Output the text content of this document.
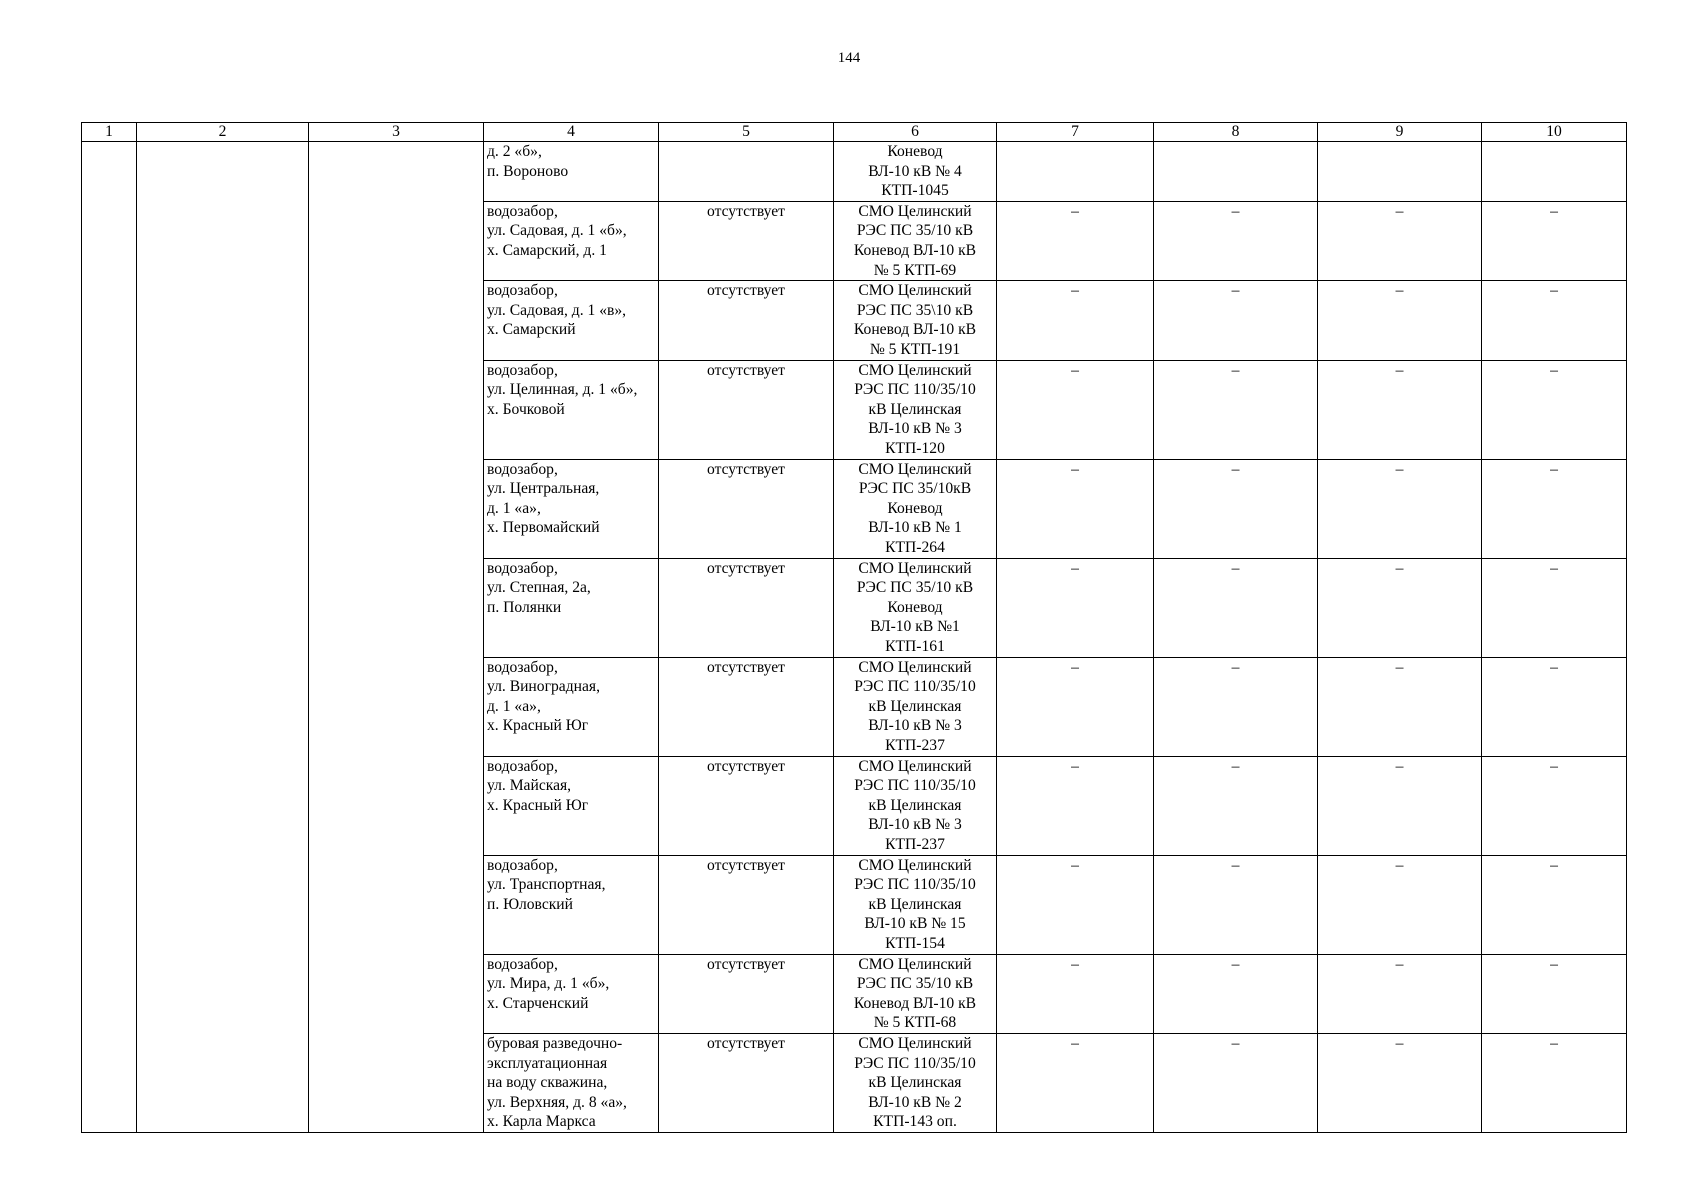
144
1	2	3	4	5	6	7	8	9	10
			д. 2 «б»,
п. Вороново		Коневод
ВЛ-10 кВ № 4
КТП-1045				
			водозабор,
ул. Садовая, д. 1 «б»,
х. Самарский, д. 1	отсутствует	СМО Целинский
РЭС ПС 35/10 кВ
Коневод ВЛ-10 кВ
№ 5 КТП-69	–	–	–	–
			водозабор,
ул. Садовая, д. 1 «в»,
х. Самарский	отсутствует	СМО Целинский
РЭС ПС 35\10 кВ
Коневод ВЛ-10 кВ
№ 5 КТП-191	–	–	–	–
			водозабор,
ул. Целинная, д. 1 «б»,
х. Бочковой	отсутствует	СМО Целинский
РЭС ПС 110/35/10
кВ Целинская
ВЛ-10 кВ № 3
КТП-120	–	–	–	–
			водозабор,
ул. Центральная,
д. 1 «а»,
х. Первомайский	отсутствует	СМО Целинский
РЭС ПС 35/10кВ
Коневод
ВЛ-10 кВ № 1
КТП-264	–	–	–	–
			водозабор,
ул. Степная, 2а,
п. Полянки	отсутствует	СМО Целинский
РЭС ПС 35/10 кВ
Коневод
ВЛ-10 кВ №1
КТП-161	–	–	–	–
			водозабор,
ул. Виноградная,
д. 1 «а»,
х. Красный Юг	отсутствует	СМО Целинский
РЭС ПС 110/35/10
кВ Целинская
ВЛ-10 кВ № 3
КТП-237	–	–	–	–
			водозабор,
ул. Майская,
х. Красный Юг	отсутствует	СМО Целинский
РЭС ПС 110/35/10
кВ Целинская
ВЛ-10 кВ № 3
КТП-237	–	–	–	–
			водозабор,
ул. Транспортная,
п. Юловский	отсутствует	СМО Целинский
РЭС ПС 110/35/10
кВ Целинская
ВЛ-10 кВ № 15
КТП-154	–	–	–	–
			водозабор,
ул. Мира, д. 1 «б»,
х. Старченский	отсутствует	СМО Целинский
РЭС ПС 35/10 кВ
Коневод ВЛ-10 кВ
№ 5 КТП-68	–	–	–	–
			буровая разведочно-
эксплуатационная
на воду скважина,
ул. Верхняя, д. 8 «а»,
х. Карла Маркса	отсутствует	СМО Целинский
РЭС ПС 110/35/10
кВ Целинская
ВЛ-10 кВ № 2
КТП-143 оп.	–	–	–	–
